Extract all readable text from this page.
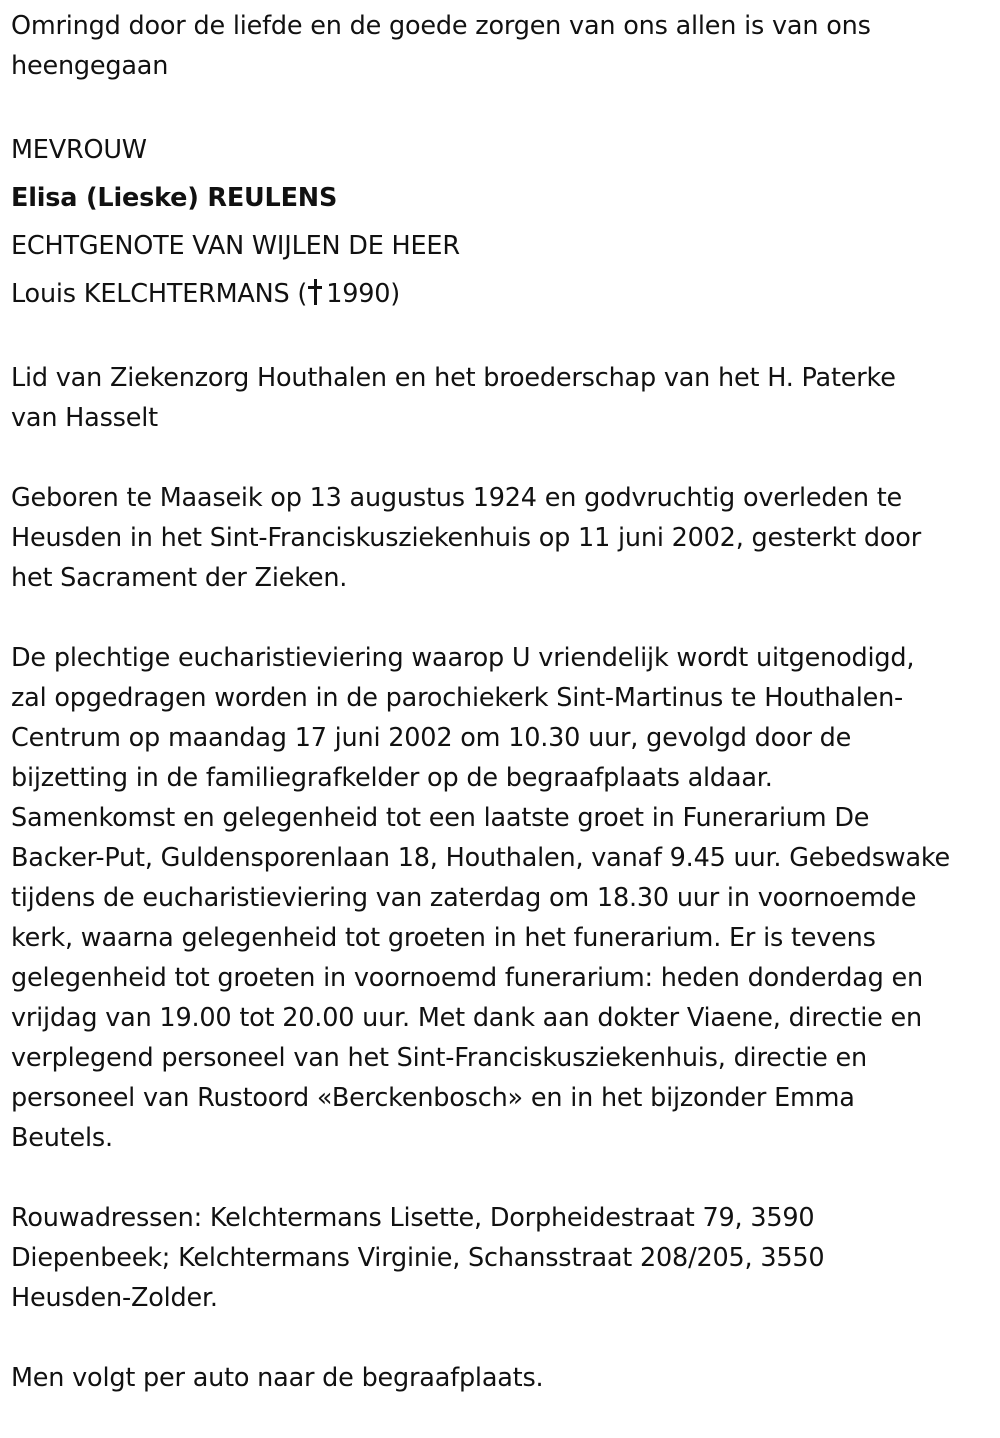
Omringd door de liefde en de goede zorgen van ons allen is van ons

heengegaan

MEVROUW

Elisa (Lieske) REULENS

ECHTGENOTE VAN WIJLEN DE HEER

Louis KELCHTERMANS ( 1990)

Lid van Ziekenzorg Houthalen en het broederschap van het H. Paterke

van Hasselt

Geboren te Maaseik op 13 augustus 1924 en godvruchtig overleden te

Heusden in het Sint-Franciskusziekenhuis op 11 juni 2002, gesterkt door

het Sacrament der Zieken.

De plechtige eucharistieviering waarop U vriendelijk wordt uitgenodigd,

zal opgedragen worden in de parochiekerk Sint-Martinus te Houthalen-

Centrum op maandag 17 juni 2002 om 10.30 uur, gevolgd door de

bijzetting in de familiegrafkelder op de begraafplaats aldaar.

Samenkomst en gelegenheid tot een laatste groet in Funerarium De

Backer-Put, Guldensporenlaan 18, Houthalen, vanaf 9.45 uur. Gebedswake

tijdens de eucharistieviering van zaterdag om 18.30 uur in voornoemde

kerk, waarna gelegenheid tot groeten in het funerarium. Er is tevens

gelegenheid tot groeten in voornoemd funerarium: heden donderdag en

vrijdag van 19.00 tot 20.00 uur. Met dank aan dokter Viaene, directie en

verplegend personeel van het Sint-Franciskusziekenhuis, directie en

personeel van Rustoord «Berckenbosch» en in het bijzonder Emma

Beutels.

Rouwadressen: Kelchtermans Lisette, Dorpheidestraat 79, 3590

Diepenbeek; Kelchtermans Virginie, Schansstraat 208/205, 3550

Heusden-Zolder.

Men volgt per auto naar de begraafplaats.
